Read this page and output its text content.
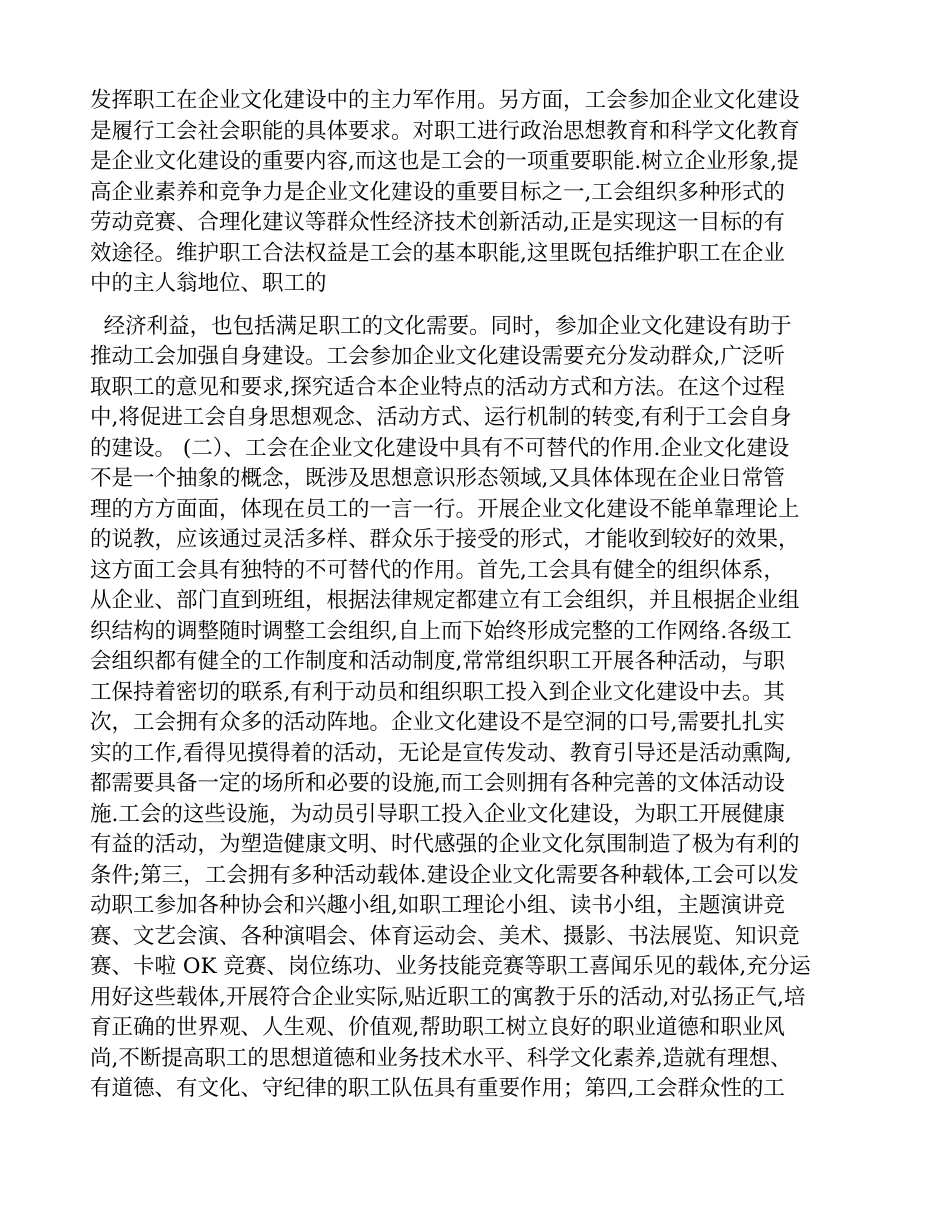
发挥职工在企业文化建设中的主力军作用。另方面，工会参加企业文化建设
是履行工会社会职能的具体要求。对职工进行政治思想教育和科学文化教育
是企业文化建设的重要内容,而这也是工会的一项重要职能.树立企业形象,提
高企业素养和竞争力是企业文化建设的重要目标之一,工会组织多种形式的
劳动竞赛、合理化建议等群众性经济技术创新活动,正是实现这一目标的有
效途径。维护职工合法权益是工会的基本职能,这里既包括维护职工在企业
中的主人翁地位、职工的
经济利益，也包括满足职工的文化需要。同时，参加企业文化建设有助于
推动工会加强自身建设。工会参加企业文化建设需要充分发动群众,广泛听
取职工的意见和要求,探究适合本企业特点的活动方式和方法。在这个过程
中,将促进工会自身思想观念、活动方式、运行机制的转变,有利于工会自身
的建设。 (二）、工会在企业文化建设中具有不可替代的作用.企业文化建设
不是一个抽象的概念，既涉及思想意识形态领域,又具体体现在企业日常管
理的方方面面，体现在员工的一言一行。开展企业文化建设不能单靠理论上
的说教，应该通过灵活多样、群众乐于接受的形式，才能收到较好的效果，
这方面工会具有独特的不可替代的作用。首先,工会具有健全的组织体系，
从企业、部门直到班组，根据法律规定都建立有工会组织，并且根据企业组
织结构的调整随时调整工会组织,自上而下始终形成完整的工作网络.各级工
会组织都有健全的工作制度和活动制度,常常组织职工开展各种活动，与职
工保持着密切的联系,有利于动员和组织职工投入到企业文化建设中去。其
次，工会拥有众多的活动阵地。企业文化建设不是空洞的口号,需要扎扎实
实的工作,看得见摸得着的活动，无论是宣传发动、教育引导还是活动熏陶,
都需要具备一定的场所和必要的设施,而工会则拥有各种完善的文体活动设
施.工会的这些设施，为动员引导职工投入企业文化建设，为职工开展健康
有益的活动，为塑造健康文明、时代感强的企业文化氛围制造了极为有利的
条件;第三，工会拥有多种活动载体.建设企业文化需要各种载体,工会可以发
动职工参加各种协会和兴趣小组,如职工理论小组、读书小组，主题演讲竞
赛、文艺会演、各种演唱会、体育运动会、美术、摄影、书法展览、知识竞
赛、卡啦 OK 竞赛、岗位练功、业务技能竞赛等职工喜闻乐见的载体,充分运
用好这些载体,开展符合企业实际,贴近职工的寓教于乐的活动,对弘扬正气,培
育正确的世界观、人生观、价值观,帮助职工树立良好的职业道德和职业风
尚,不断提高职工的思想道德和业务技术水平、科学文化素养,造就有理想、
有道德、有文化、守纪律的职工队伍具有重要作用；第四,工会群众性的工
